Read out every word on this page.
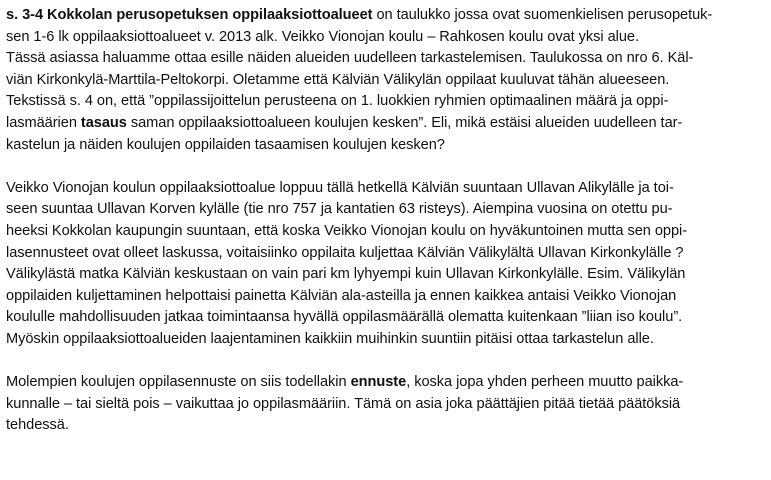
s. 3-4 Kokkolan perusopetuksen oppilaaksiottoalueet on taulukko jossa ovat suomenkielisen perusopetuk-
sen 1-6 lk oppilaaksiottoalueet v. 2013 alk. Veikko Vionojan koulu – Rahkosen koulu ovat yksi alue.
Tässä asiassa haluamme ottaa esille näiden alueiden uudelleen tarkastelemisen. Taulukossa on nro 6. Käl-
viän Kirkonkylä-Marttila-Peltokorpi. Oletamme että Kälviän Välikylän oppilaat kuuluvat tähän alueeseen.
Tekstissä s. 4 on, että ”oppilassijoittelun perusteena on 1. luokkien ryhmien optimaalinen määrä ja oppi-
lasmäärien tasaus saman oppilaaksiottoalueen koulujen kesken”. Eli, mikä estäisi alueiden uudelleen tar-
kastelun ja näiden koulujen oppilaiden tasaamisen koulujen kesken?
Veikko Vionojan koulun oppilaaksiottoalue loppuu tällä hetkellä Kälviän suuntaan Ullavan Alikylälle ja toi-
seen suuntaa Ullavan Korven kylälle (tie nro 757 ja kantatien 63 risteys). Aiempina vuosina on otettu pu-
heeksi Kokkolan kaupungin suuntaan, että koska Veikko Vionojan koulu on hyväkuntoinen mutta sen oppi-
lasennusteet ovat olleet laskussa, voitaisiinko oppilaita kuljettaa Kälviän Välikylältä Ullavan Kirkonkylälle ?
Välikylästä matka Kälviän keskustaan on vain pari km lyhyempi kuin Ullavan Kirkonkylälle. Esim. Välikylän
oppilaiden kuljettaminen helpottaisi painetta Kälviän ala-asteilla ja ennen kaikkea antaisi Veikko Vionojan
koululle mahdollisuuden jatkaa toimintaansa hyvällä oppilasmäärällä olematta kuitenkaan ”liian iso koulu”.
Myöskin oppilaaksiottoalueiden laajentaminen kaikkiin muihinkin suuntiin pitäisi ottaa tarkastelun alle.
Molempien koulujen oppilasennuste on siis todellakin ennuste, koska jopa yhden perheen muutto paikka-
kunnalle – tai sieltä pois – vaikuttaa jo oppilasmääriin. Tämä on asia joka päättäjien pitää tietää päätöksiä
tehdessä.
